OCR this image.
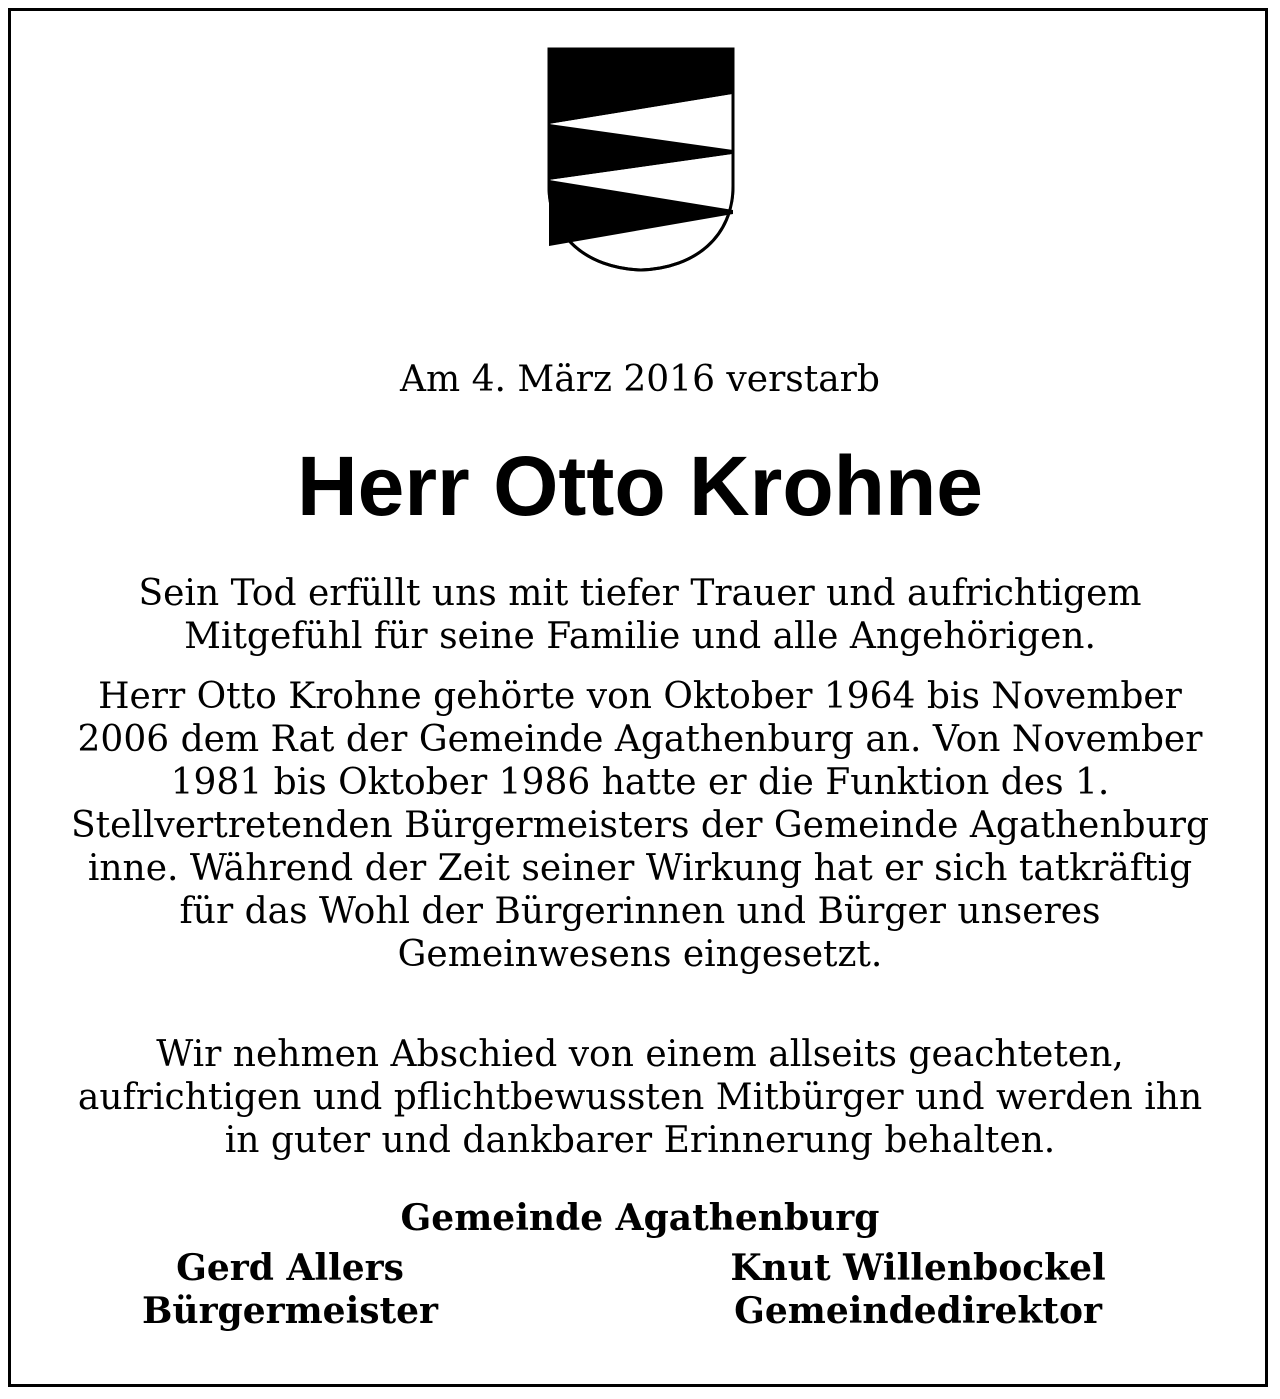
Am 4. März 2016 verstarb

Herr Otto Krohne

Sein Tod erfüllt uns mit tiefer Trauer und aufrichtigem Mitgefühl für seine Familie und alle Angehörigen.

Herr Otto Krohne gehörte von Oktober 1964 bis November 2006 dem Rat der Gemeinde Agathenburg an. Von November 1981 bis Oktober 1986 hatte er die Funktion des 1. Stellvertretenden Bürgermeisters der Gemeinde Agathenburg inne. Während der Zeit seiner Wirkung hat er sich tatkräftig für das Wohl der Bürgerinnen und Bürger unseres Gemeinwesens eingesetzt.

Wir nehmen Abschied von einem allseits geachteten, aufrichtigen und pflichtbewussten Mitbürger und werden ihn in guter und dankbarer Erinnerung behalten.

Gemeinde Agathenburg

Gerd Allers
Bürgermeister
Knut Willenbockel
Gemeindedirektor
